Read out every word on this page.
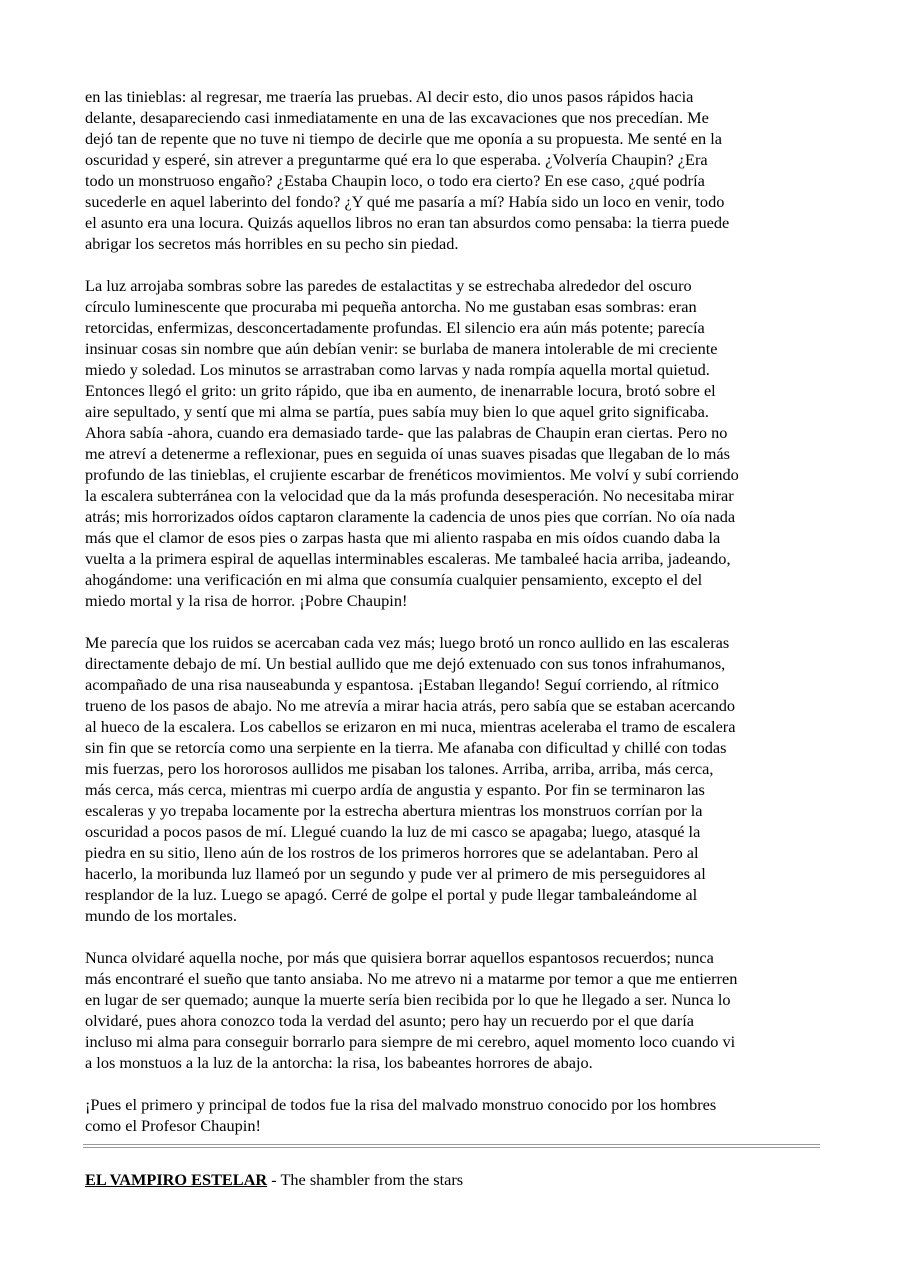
en las tinieblas: al regresar, me traería las pruebas. Al decir esto, dio unos pasos rápidos hacia
delante, desapareciendo casi inmediatamente en una de las excavaciones que nos precedían. Me
dejó tan de repente que no tuve ni tiempo de decirle que me oponía a su propuesta. Me senté en la
oscuridad y esperé, sin atrever a preguntarme qué era lo que esperaba. ¿Volvería Chaupin? ¿Era
todo un monstruoso engaño? ¿Estaba Chaupin loco, o todo era cierto? En ese caso, ¿qué podría
sucederle en aquel laberinto del fondo? ¿Y qué me pasaría a mí? Había sido un loco en venir, todo
el asunto era una locura. Quizás aquellos libros no eran tan absurdos como pensaba: la tierra puede
abrigar los secretos más horribles en su pecho sin piedad.

La luz arrojaba sombras sobre las paredes de estalactitas y se estrechaba alrededor del oscuro
círculo luminescente que procuraba mi pequeña antorcha. No me gustaban esas sombras: eran
retorcidas, enfermizas, desconcertadamente profundas. El silencio era aún más potente; parecía
insinuar cosas sin nombre que aún debían venir: se burlaba de manera intolerable de mi creciente
miedo y soledad. Los minutos se arrastraban como larvas y nada rompía aquella mortal quietud.
Entonces llegó el grito: un grito rápido, que iba en aumento, de inenarrable locura, brotó sobre el
aire sepultado, y sentí que mi alma se partía, pues sabía muy bien lo que aquel grito significaba.
Ahora sabía -ahora, cuando era demasiado tarde- que las palabras de Chaupin eran ciertas. Pero no
me atreví a detenerme a reflexionar, pues en seguida oí unas suaves pisadas que llegaban de lo más
profundo de las tinieblas, el crujiente escarbar de frenéticos movimientos. Me volví y subí corriendo
la escalera subterránea con la velocidad que da la más profunda desesperación. No necesitaba mirar
atrás; mis horrorizados oídos captaron claramente la cadencia de unos pies que corrían. No oía nada
más que el clamor de esos pies o zarpas hasta que mi aliento raspaba en mis oídos cuando daba la
vuelta a la primera espiral de aquellas interminables escaleras. Me tambaleé hacia arriba, jadeando,
ahogándome: una verificación en mi alma que consumía cualquier pensamiento, excepto el del
miedo mortal y la risa de horror. ¡Pobre Chaupin!

Me parecía que los ruidos se acercaban cada vez más; luego brotó un ronco aullido en las escaleras
directamente debajo de mí. Un bestial aullido que me dejó extenuado con sus tonos infrahumanos,
acompañado de una risa nauseabunda y espantosa. ¡Estaban llegando! Seguí corriendo, al rítmico
trueno de los pasos de abajo. No me atrevía a mirar hacia atrás, pero sabía que se estaban acercando
al hueco de la escalera. Los cabellos se erizaron en mi nuca, mientras aceleraba el tramo de escalera
sin fin que se retorcía como una serpiente en la tierra. Me afanaba con dificultad y chillé con todas
mis fuerzas, pero los hororosos aullidos me pisaban los talones. Arriba, arriba, arriba, más cerca,
más cerca, más cerca, mientras mi cuerpo ardía de angustia y espanto. Por fin se terminaron las
escaleras y yo trepaba locamente por la estrecha abertura mientras los monstruos corrían por la
oscuridad a pocos pasos de mí. Llegué cuando la luz de mi casco se apagaba; luego, atasqué la
piedra en su sitio, lleno aún de los rostros de los primeros horrores que se adelantaban. Pero al
hacerlo, la moribunda luz llameó por un segundo y pude ver al primero de mis perseguidores al
resplandor de la luz. Luego se apagó. Cerré de golpe el portal y pude llegar tambaleándome al
mundo de los mortales.

Nunca olvidaré aquella noche, por más que quisiera borrar aquellos espantosos recuerdos; nunca
más encontraré el sueño que tanto ansiaba. No me atrevo ni a matarme por temor a que me entierren
en lugar de ser quemado; aunque la muerte sería bien recibida por lo que he llegado a ser. Nunca lo
olvidaré, pues ahora conozco toda la verdad del asunto; pero hay un recuerdo por el que daría
incluso mi alma para conseguir borrarlo para siempre de mi cerebro, aquel momento loco cuando vi
a los monstuos a la luz de la antorcha: la risa, los babeantes horrores de abajo.

¡Pues el primero y principal de todos fue la risa del malvado monstruo conocido por los hombres
como el Profesor Chaupin!

EL VAMPIRO ESTELAR - The shambler from the stars
